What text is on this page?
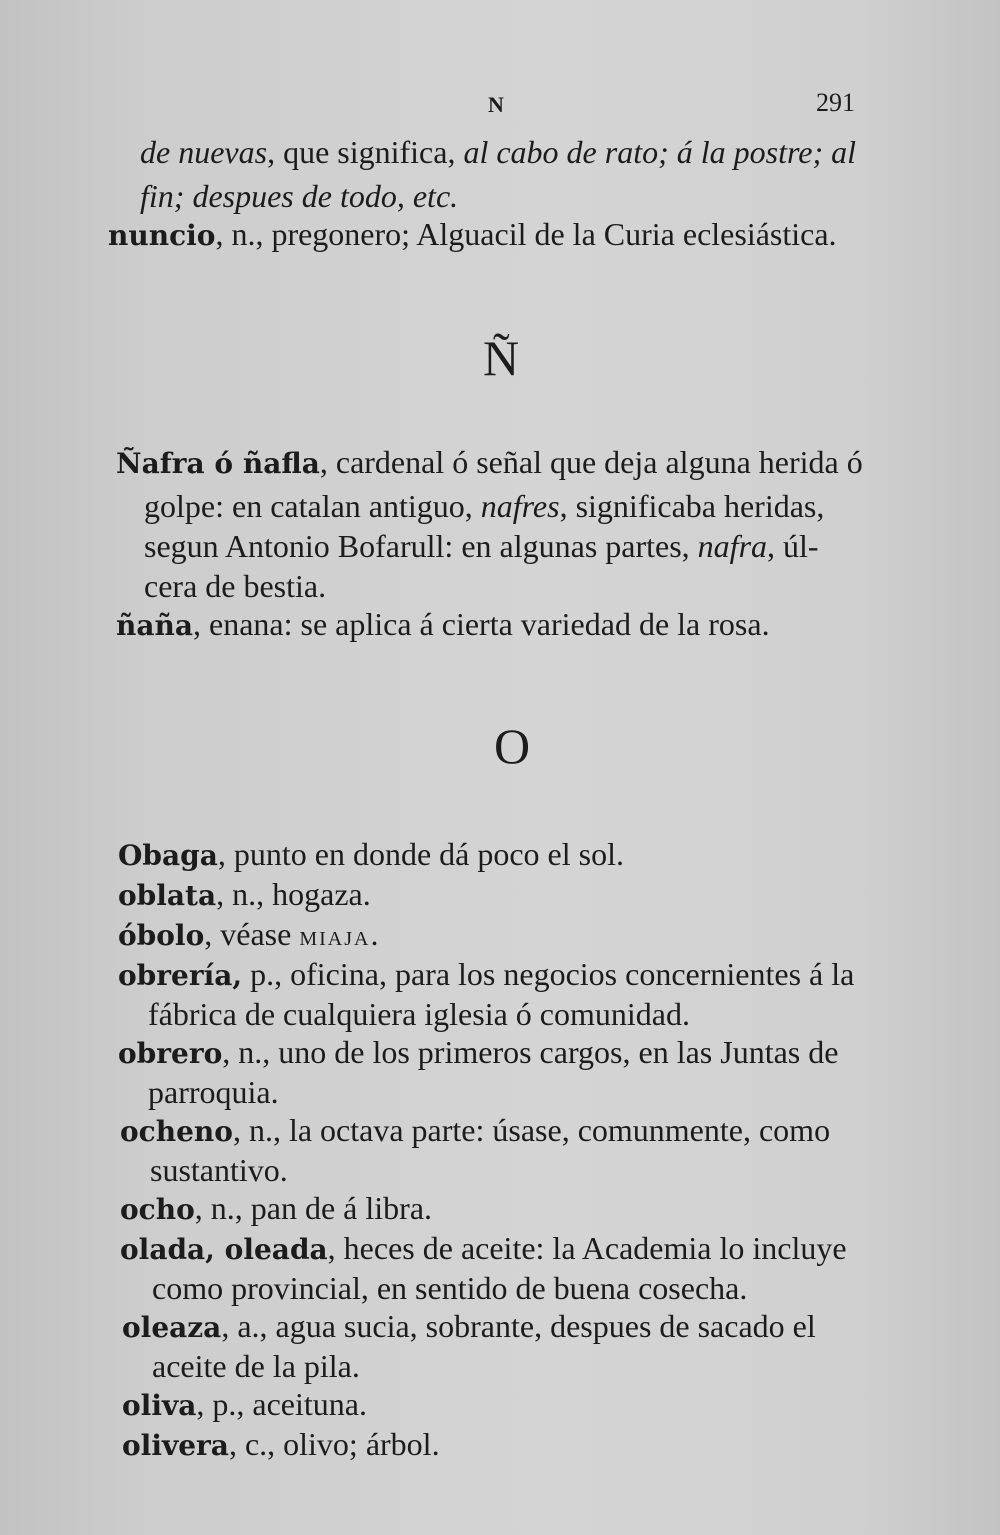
N	291
de nuevas, que significa, al cabo de rato; á la postre; al
fin; despues de todo, etc.
nuncio, n., pregonero; Alguacil de la Curia eclesiástica.
Ñ
Ñafra ó ñafla, cardenal ó señal que deja alguna herida ó
golpe: en catalan antiguo, nafres, significaba heridas,
segun Antonio Bofarull: en algunas partes, nafra, úl-
cera de bestia.
ñaña, enana: se aplica á cierta variedad de la rosa.
O
Obaga, punto en donde dá poco el sol.
oblata, n., hogaza.
óbolo, véase MIAJA.
obrería, p., oficina, para los negocios concernientes á la
fábrica de cualquiera iglesia ó comunidad.
obrero, n., uno de los primeros cargos, en las Juntas de
parroquia.
ocheno, n., la octava parte: úsase, comunmente, como
sustantivo.
ocho, n., pan de á libra.
olada, oleada, heces de aceite: la Academia lo incluye
como provincial, en sentido de buena cosecha.
oleaza, a., agua sucia, sobrante, despues de sacado el
aceite de la pila.
oliva, p., aceituna.
olivera, c., olivo; árbol.
